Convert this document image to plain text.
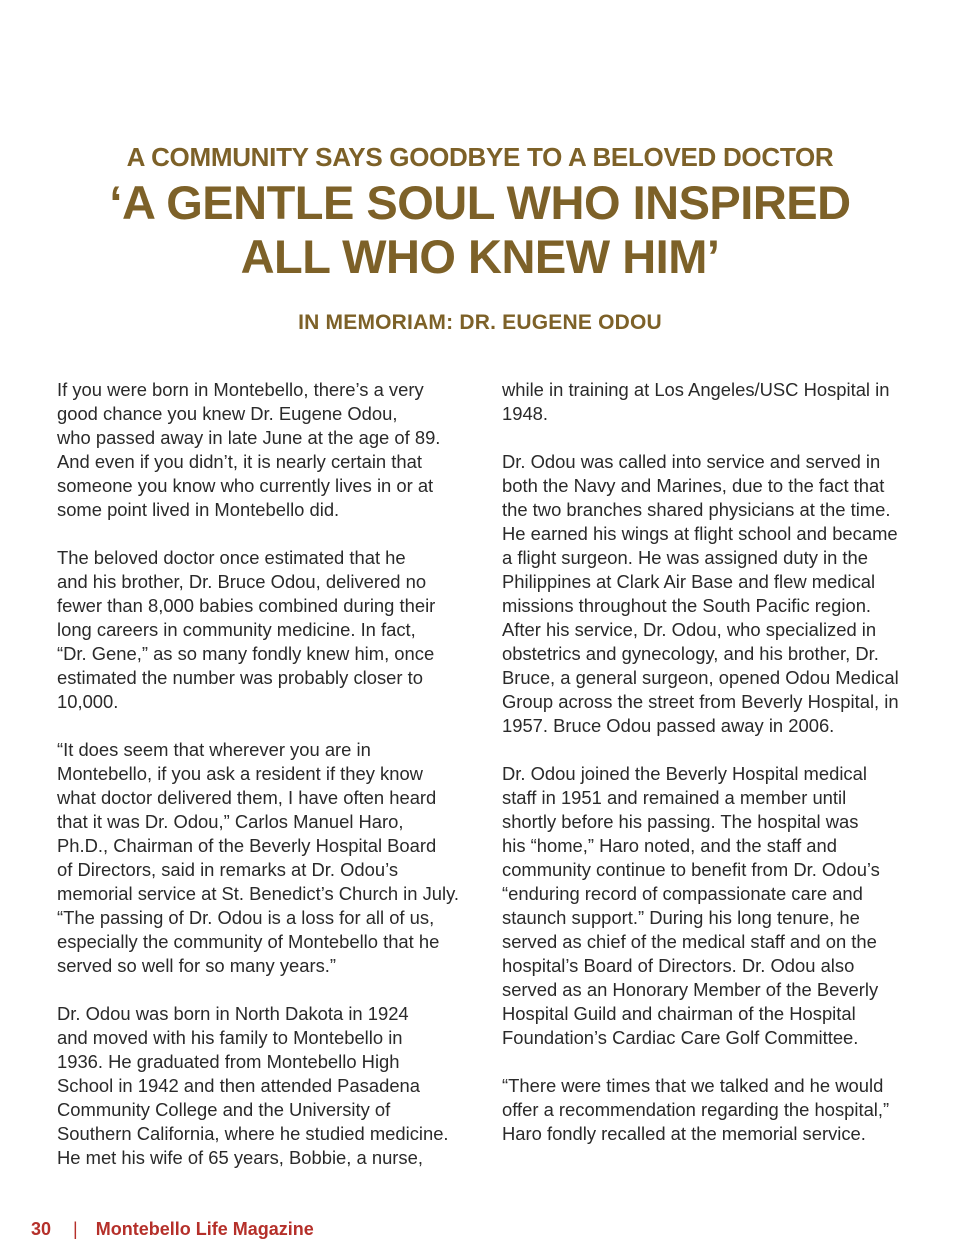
A COMMUNITY SAYS GOODBYE TO A BELOVED DOCTOR
‘A GENTLE SOUL WHO INSPIRED
ALL WHO KNEW HIM’
IN MEMORIAM: DR. EUGENE ODOU

If you were born in Montebello, there’s a very
good chance you knew Dr. Eugene Odou,
who passed away in late June at the age of 89.
And even if you didn’t, it is nearly certain that
someone you know who currently lives in or at
some point lived in Montebello did.

The beloved doctor once estimated that he
and his brother, Dr. Bruce Odou, delivered no
fewer than 8,000 babies combined during their
long careers in community medicine. In fact,
“Dr. Gene,” as so many fondly knew him, once
estimated the number was probably closer to
10,000.

“It does seem that wherever you are in
Montebello, if you ask a resident if they know
what doctor delivered them, I have often heard
that it was Dr. Odou,” Carlos Manuel Haro,
Ph.D., Chairman of the Beverly Hospital Board
of Directors, said in remarks at Dr. Odou’s
memorial service at St. Benedict’s Church in July.
“The passing of Dr. Odou is a loss for all of us,
especially the community of Montebello that he
served so well for so many years.”

Dr. Odou was born in North Dakota in 1924
and moved with his family to Montebello in
1936. He graduated from Montebello High
School in 1942 and then attended Pasadena
Community College and the University of
Southern California, where he studied medicine.
He met his wife of 65 years, Bobbie, a nurse,

while in training at Los Angeles/USC Hospital in
1948.

Dr. Odou was called into service and served in
both the Navy and Marines, due to the fact that
the two branches shared physicians at the time.
He earned his wings at flight school and became
a flight surgeon. He was assigned duty in the
Philippines at Clark Air Base and flew medical
missions throughout the South Pacific region.
After his service, Dr. Odou, who specialized in
obstetrics and gynecology, and his brother, Dr.
Bruce, a general surgeon, opened Odou Medical
Group across the street from Beverly Hospital, in
1957. Bruce Odou passed away in 2006.

Dr. Odou joined the Beverly Hospital medical
staff in 1951 and remained a member until
shortly before his passing. The hospital was
his “home,” Haro noted, and the staff and
community continue to benefit from Dr. Odou’s
“enduring record of compassionate care and
staunch support.” During his long tenure, he
served as chief of the medical staff and on the
hospital’s Board of Directors. Dr. Odou also
served as an Honorary Member of the Beverly
Hospital Guild and chairman of the Hospital
Foundation’s Cardiac Care Golf Committee.

“There were times that we talked and he would
offer a recommendation regarding the hospital,”
Haro fondly recalled at the memorial service.

30 | Montebello Life Magazine
